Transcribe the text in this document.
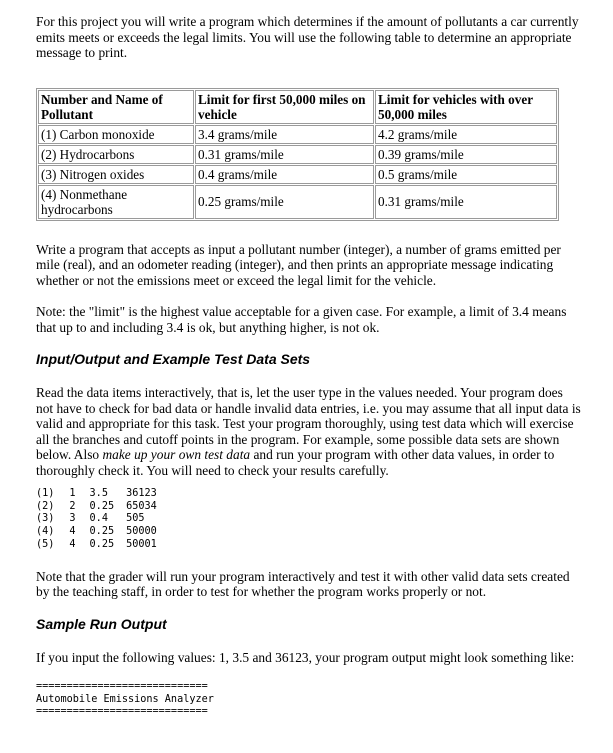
For this project you will write a program which determines if the amount of pollutants a car currently emits meets or exceeds the legal limits. You will use the following table to determine an appropriate message to print.

Number and Name of Pollutant	Limit for first 50,000 miles on vehicle	Limit for vehicles with over 50,000 miles
(1) Carbon monoxide	3.4 grams/mile	4.2 grams/mile
(2) Hydrocarbons	0.31 grams/mile	0.39 grams/mile
(3) Nitrogen oxides	0.4 grams/mile	0.5 grams/mile
(4) Nonmethane hydrocarbons	0.25 grams/mile	0.31 grams/mile

Write a program that accepts as input a pollutant number (integer), a number of grams emitted per mile (real), and an odometer reading (integer), and then prints an appropriate message indicating whether or not the emissions meet or exceed the legal limit for the vehicle.

Note: the "limit" is the highest value acceptable for a given case. For example, a limit of 3.4 means that up to and including 3.4 is ok, but anything higher, is not ok.

Input/Output and Example Test Data Sets

Read the data items interactively, that is, let the user type in the values needed. Your program does not have to check for bad data or handle invalid data entries, i.e. you may assume that all input data is valid and appropriate for this task. Test your program thoroughly, using test data which will exercise all the branches and cutoff points in the program. For example, some possible data sets are shown below. Also make up your own test data and run your program with other data values, in order to thoroughly check it. You will need to check your results carefully.

(1)	1	3.5	36123
(2)	2	0.25	65034
(3)	3	0.4	505
(4)	4	0.25	50000
(5)	4	0.25	50001

Note that the grader will run your program interactively and test it with other valid data sets created by the teaching staff, in order to test for whether the program works properly or not.

Sample Run Output

If you input the following values: 1, 3.5 and 36123, your program output might look something like:

============================
Automobile Emissions Analyzer
============================
